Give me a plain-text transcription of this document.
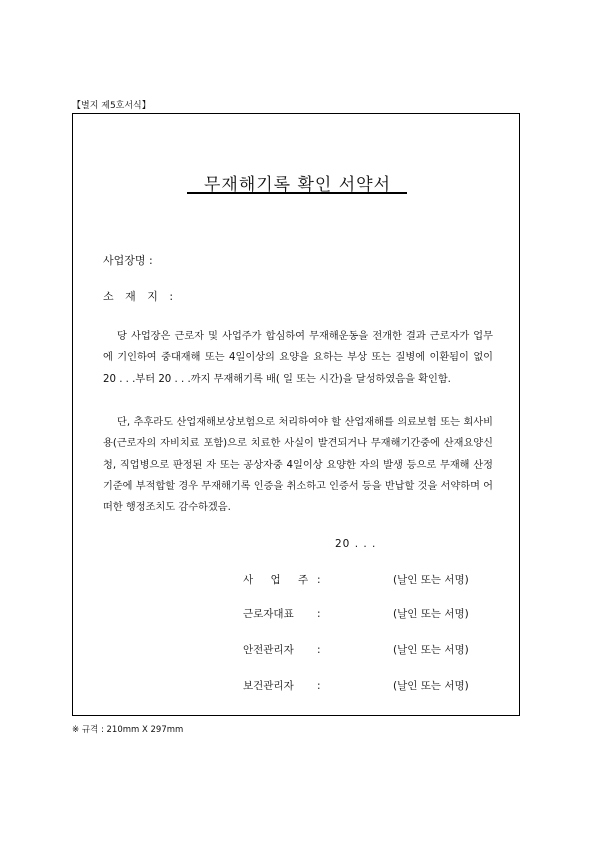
【별지 제5호서식】
무재해기록 확인 서약서
사업장명 :
소 재 지 :

당 사업장은 근로자 및 사업주가 합심하여 무재해운동을 전개한 결과 근로자가 업무에 기인하여 중대재해 또는 4일이상의 요양을 요하는 부상 또는 질병에 이환됨이 없이 20 . . .부터 20 . . .까지 무재해기록 배( 일 또는 시간)을 달성하였음을 확인함.

단, 추후라도 산업재해보상보험으로 처리하여야 할 산업재해를 의료보험 또는 회사비용(근로자의 자비치료 포함)으로 치료한 사실이 발견되거나 무재해기간중에 산재요양신청, 직업병으로 판정된 자 또는 공상자중 4일이상 요양한 자의 발생 등으로 무재해 산정기준에 부적합할 경우 무재해기록 인증을 취소하고 인증서 등을 반납할 것을 서약하며 어떠한 행정조치도 감수하겠음.

20 . . .
사 업 주 :	(날인 또는 서명)
근로자대표 :	(날인 또는 서명)
안전관리자 :	(날인 또는 서명)
보건관리자 :	(날인 또는 서명)
※ 규격 : 210mm X 297mm
